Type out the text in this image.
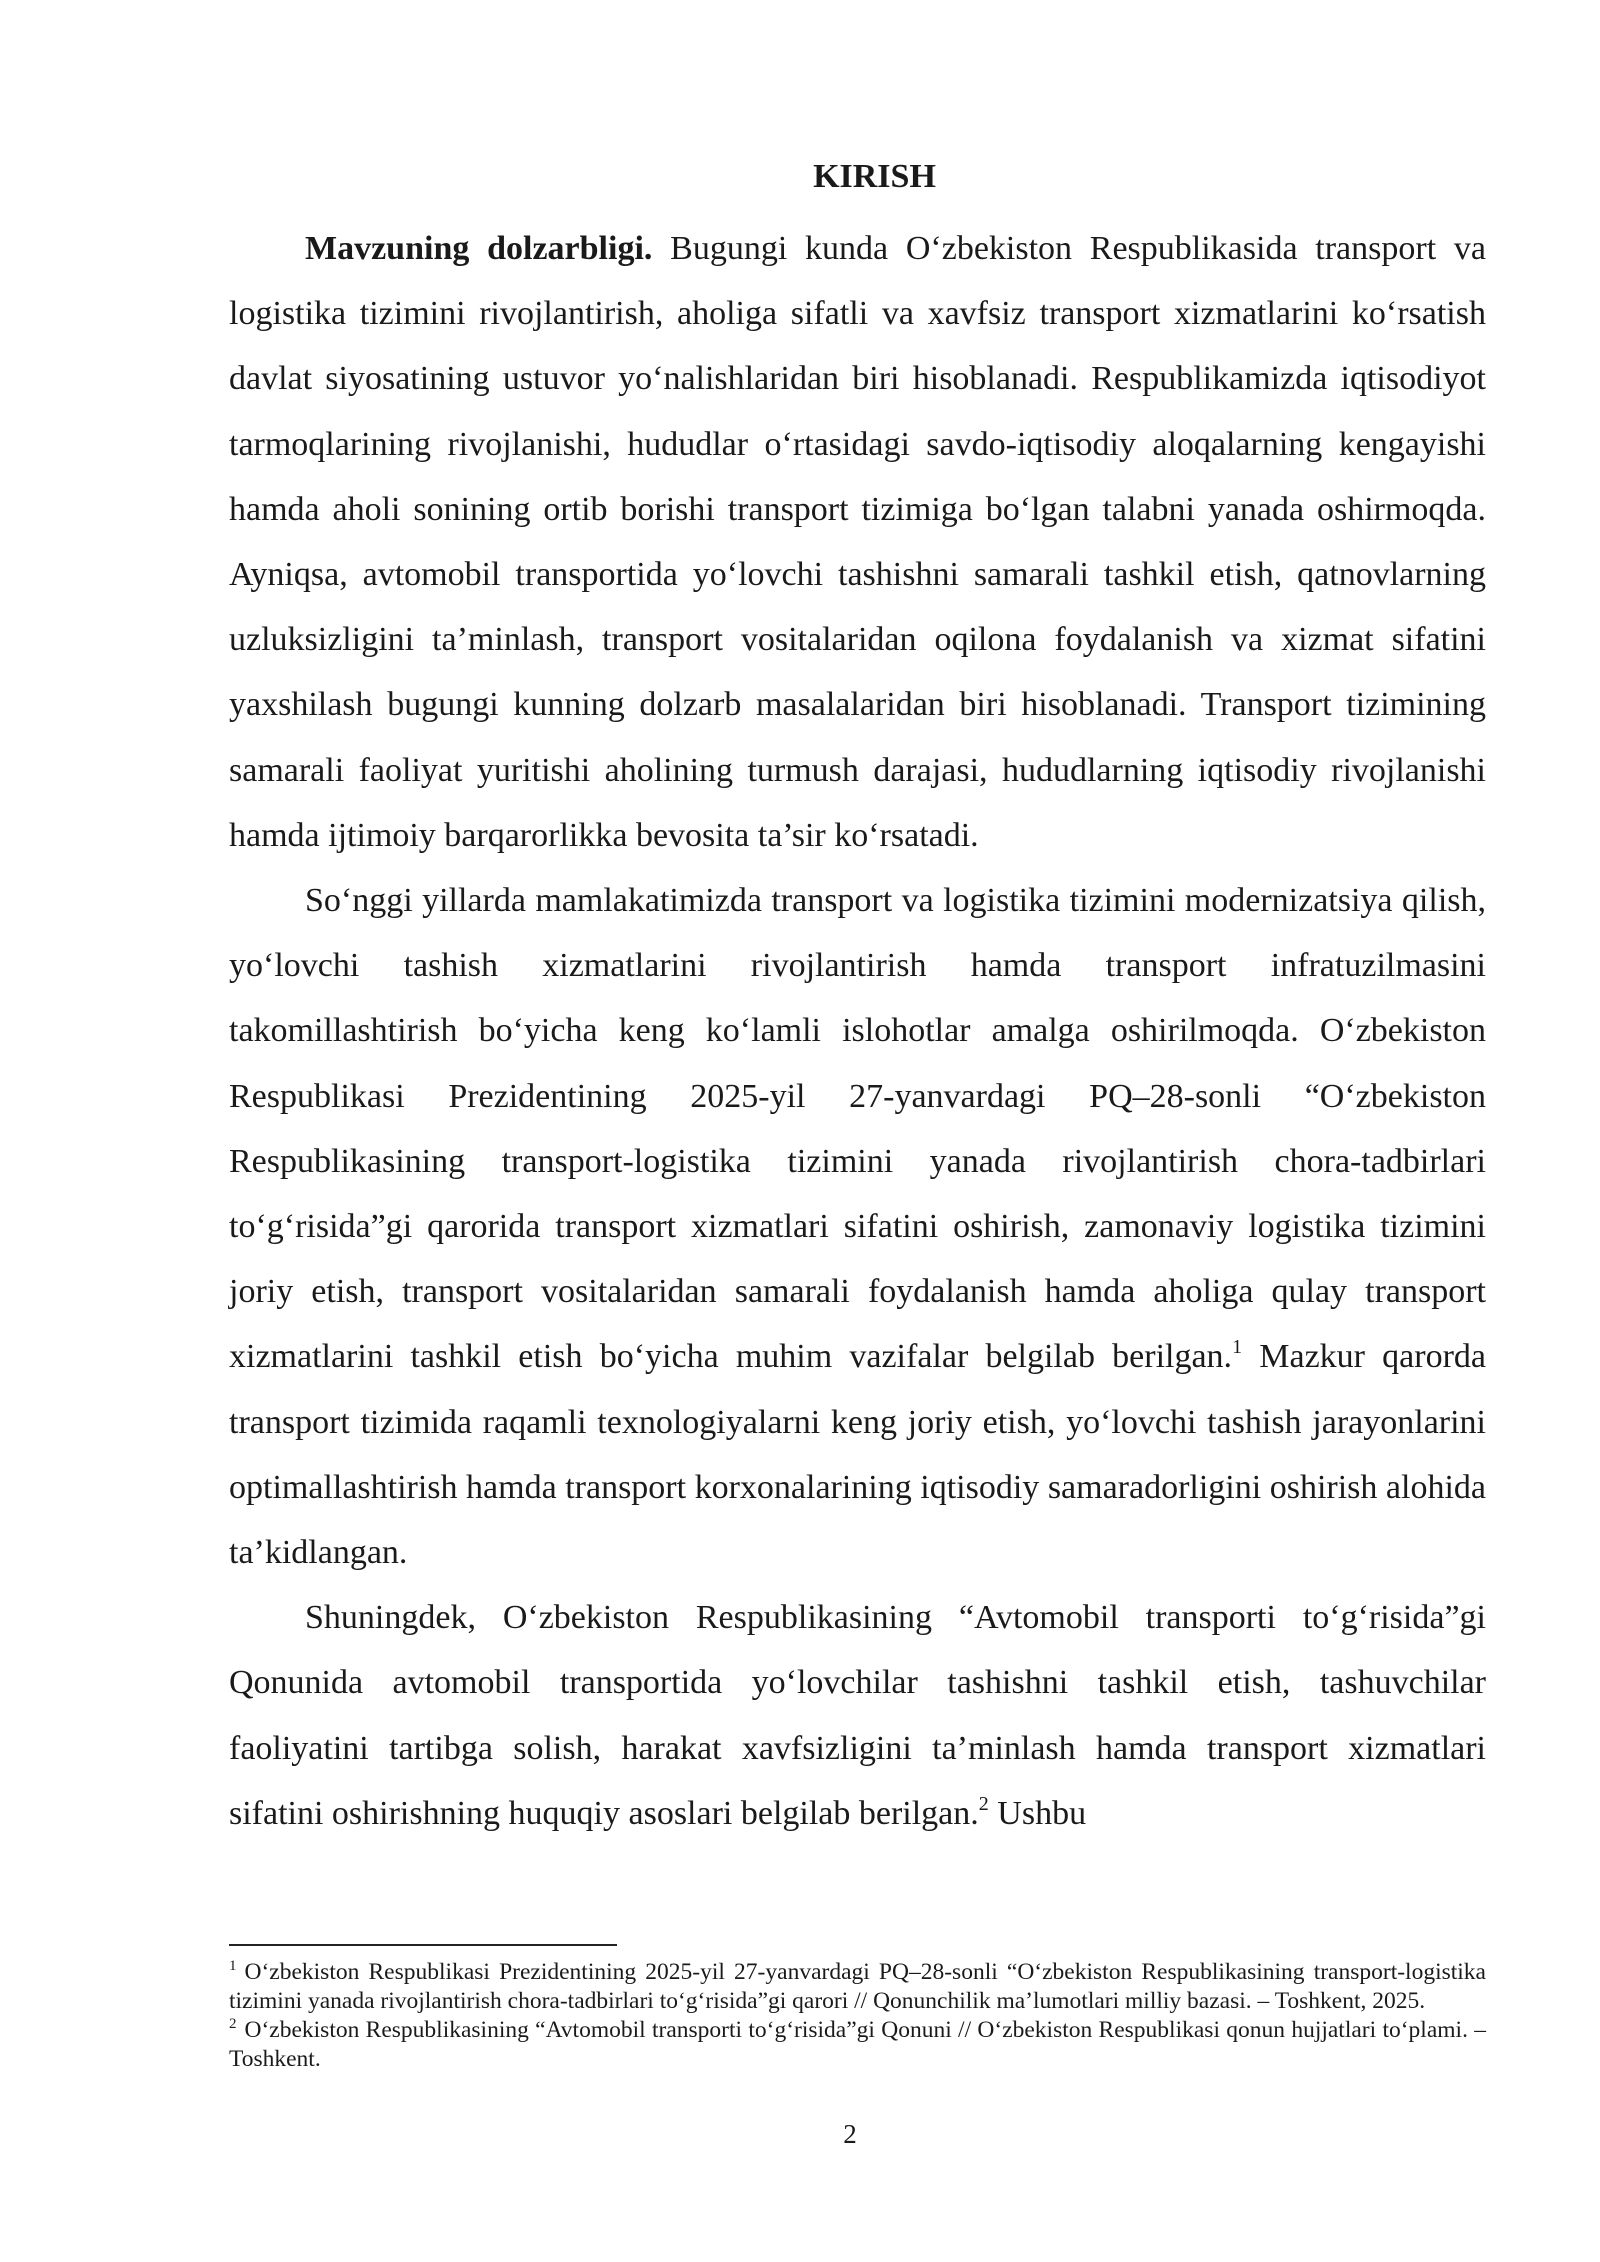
KIRISH

Mavzuning dolzarbligi. Bugungi kunda O‘zbekiston Respublikasida transport va logistika tizimini rivojlantirish, aholiga sifatli va xavfsiz transport xizmatlarini ko‘rsatish davlat siyosatining ustuvor yo‘nalishlaridan biri hisoblanadi. Respublikamizda iqtisodiyot tarmoqlarining rivojlanishi, hududlar o‘rtasidagi savdo-iqtisodiy aloqalarning kengayishi hamda aholi sonining ortib borishi transport tizimiga bo‘lgan talabni yanada oshirmoqda. Ayniqsa, avtomobil transportida yo‘lovchi tashishni samarali tashkil etish, qatnovlarning uzluksizligini ta’minlash, transport vositalaridan oqilona foydalanish va xizmat sifatini yaxshilash bugungi kunning dolzarb masalalaridan biri hisoblanadi. Transport tizimining samarali faoliyat yuritishi aholining turmush darajasi, hududlarning iqtisodiy rivojlanishi hamda ijtimoiy barqarorlikka bevosita ta’sir ko‘rsatadi.

So‘nggi yillarda mamlakatimizda transport va logistika tizimini modernizatsiya qilish, yo‘lovchi tashish xizmatlarini rivojlantirish hamda transport infratuzilmasini takomillashtirish bo‘yicha keng ko‘lamli islohotlar amalga oshirilmoqda. O‘zbekiston Respublikasi Prezidentining 2025-yil 27-yanvardagi PQ–28-sonli “O‘zbekiston Respublikasining transport-logistika tizimini yanada rivojlantirish chora-tadbirlari to‘g‘risida”gi qarorida transport xizmatlari sifatini oshirish, zamonaviy logistika tizimini joriy etish, transport vositalaridan samarali foydalanish hamda aholiga qulay transport xizmatlarini tashkil etish bo‘yicha muhim vazifalar belgilab berilgan.$^1$ Mazkur qarorda transport tizimida raqamli texnologiyalarni keng joriy etish, yo‘lovchi tashish jarayonlarini optimallashtirish hamda transport korxonalarining iqtisodiy samaradorligini oshirish alohida ta’kidlangan.

Shuningdek, O‘zbekiston Respublikasining “Avtomobil transporti to‘g‘risida”gi Qonunida avtomobil transportida yo‘lovchilar tashishni tashkil etish, tashuvchilar faoliyatini tartibga solish, harakat xavfsizligini ta’minlash hamda transport xizmatlari sifatini oshirishning huquqiy asoslari belgilab berilgan.$^2$ Ushbu

$^1$ O‘zbekiston Respublikasi Prezidentining 2025-yil 27-yanvardagi PQ–28-sonli “O‘zbekiston Respublikasining transport-logistika tizimini yanada rivojlantirish chora-tadbirlari to‘g‘risida”gi qarori // Qonunchilik ma’lumotlari milliy bazasi. – Toshkent, 2025.

$^2$ O‘zbekiston Respublikasining “Avtomobil transporti to‘g‘risida”gi Qonuni // O‘zbekiston Respublikasi qonun hujjatlari to‘plami. – Toshkent.

2
